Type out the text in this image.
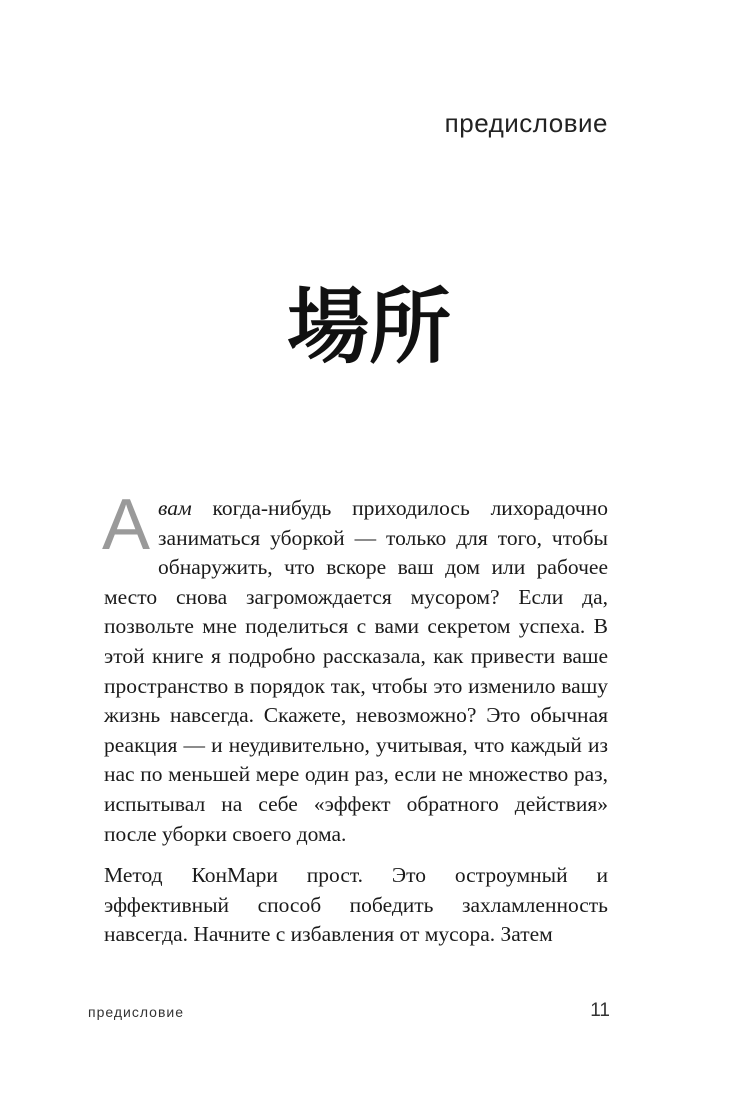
предисловие
場所

Авам когда-нибудь приходилось лихорадочно заниматься уборкой — только для того, чтобы обнаружить, что вскоре ваш дом или рабочее место снова загромождается мусором? Если да, позвольте мне поделиться с вами секретом успеха. В этой книге я подробно рассказала, как привести ваше пространство в порядок так, чтобы это изменило вашу жизнь навсегда. Скажете, невозможно? Это обычная реакция — и неудивительно, учитывая, что каждый из нас по меньшей мере один раз, если не множество раз, испытывал на себе «эффект обратного действия» после уборки своего дома.

Метод КонМари прост. Это остроумный и эффективный способ победить захламленность навсегда. Начните с избавления от мусора. Затем

предисловие	11
